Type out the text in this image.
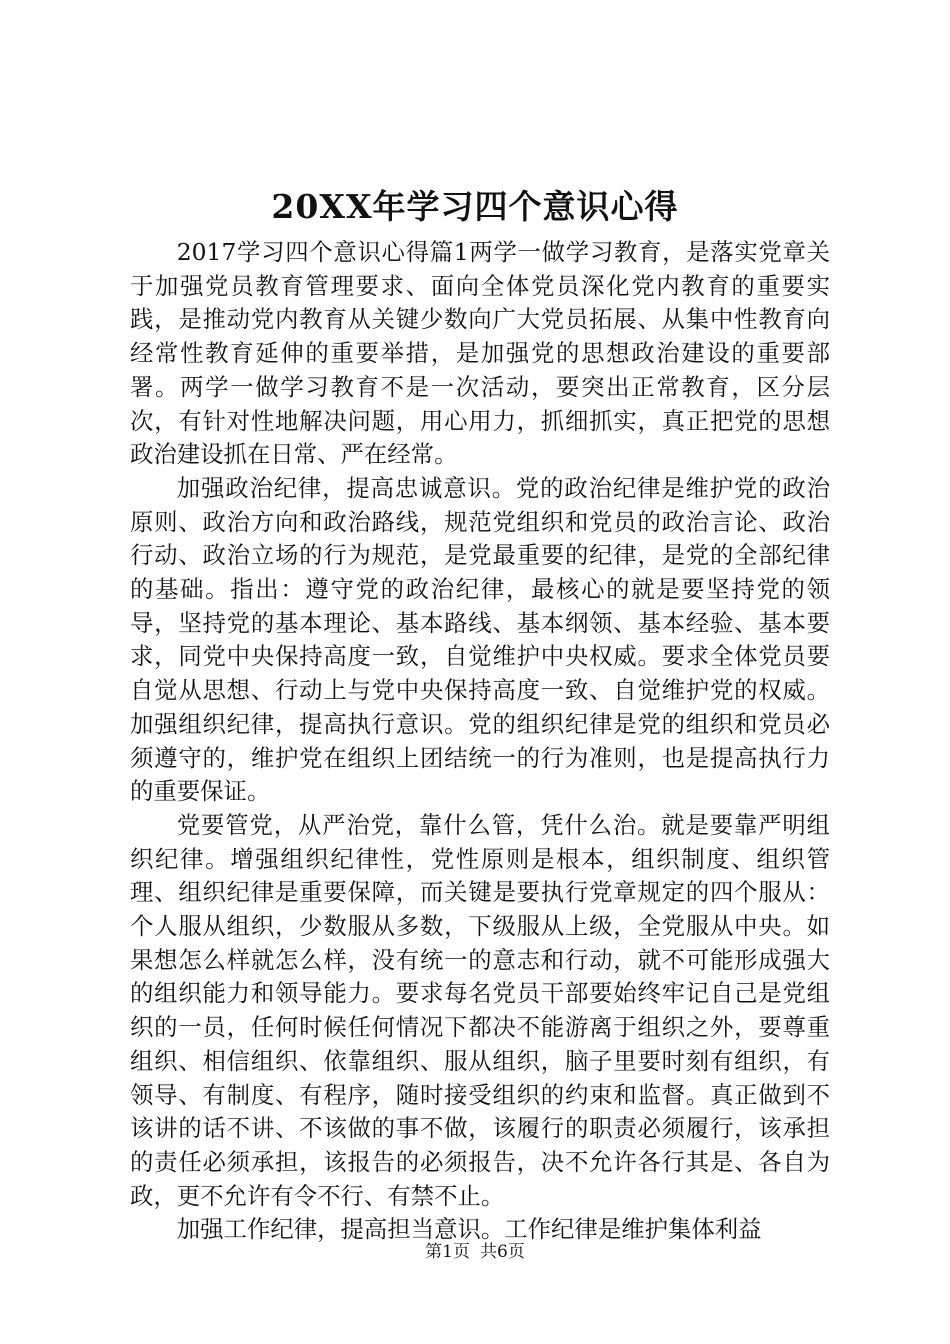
20XX年学习四个意识心得

2017学习四个意识心得篇1两学一做学习教育，是落实党章关于加强党员教育管理要求、面向全体党员深化党内教育的重要实践，是推动党内教育从关键少数向广大党员拓展、从集中性教育向经常性教育延伸的重要举措，是加强党的思想政治建设的重要部署。两学一做学习教育不是一次活动，要突出正常教育，区分层次，有针对性地解决问题，用心用力，抓细抓实，真正把党的思想政治建设抓在日常、严在经常。

加强政治纪律，提高忠诚意识。党的政治纪律是维护党的政治原则、政治方向和政治路线，规范党组织和党员的政治言论、政治行动、政治立场的行为规范，是党最重要的纪律，是党的全部纪律的基础。指出：遵守党的政治纪律，最核心的就是要坚持党的领导，坚持党的基本理论、基本路线、基本纲领、基本经验、基本要求，同党中央保持高度一致，自觉维护中央权威。要求全体党员要自觉从思想、行动上与党中央保持高度一致、自觉维护党的权威。加强组织纪律，提高执行意识。党的组织纪律是党的组织和党员必须遵守的，维护党在组织上团结统一的行为准则，也是提高执行力的重要保证。

党要管党，从严治党，靠什么管，凭什么治。就是要靠严明组织纪律。增强组织纪律性，党性原则是根本，组织制度、组织管理、组织纪律是重要保障，而关键是要执行党章规定的四个服从：个人服从组织，少数服从多数，下级服从上级，全党服从中央。如果想怎么样就怎么样，没有统一的意志和行动，就不可能形成强大的组织能力和领导能力。要求每名党员干部要始终牢记自己是党组织的一员，任何时候任何情况下都决不能游离于组织之外，要尊重组织、相信组织、依靠组织、服从组织，脑子里要时刻有组织，有领导、有制度、有程序，随时接受组织的约束和监督。真正做到不该讲的话不讲、不该做的事不做，该履行的职责必须履行，该承担的责任必须承担，该报告的必须报告，决不允许各行其是、各自为政，更不允许有令不行、有禁不止。

加强工作纪律，提高担当意识。工作纪律是维护集体利益

第1页 共6页
